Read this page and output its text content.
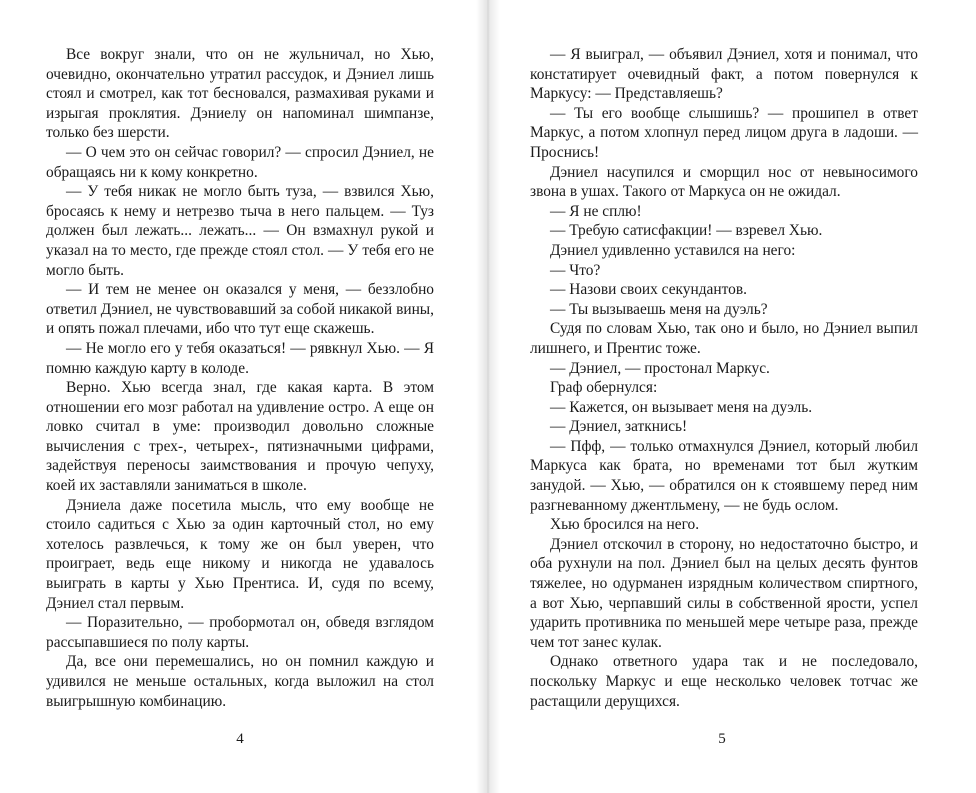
Все вокруг знали, что он не жульничал, но Хью, очевидно, окончательно утратил рассудок, и Дэниел лишь стоял и смотрел, как тот бесновался, размахивая руками и изрыгая проклятия. Дэниелу он напоминал шимпанзе, только без шерсти.

— О чем это он сейчас говорил? — спросил Дэниел, не обращаясь ни к кому конкретно.

— У тебя никак не могло быть туза, — взвился Хью, бросаясь к нему и нетрезво тыча в него пальцем. — Туз должен был лежать... лежать... — Он взмахнул рукой и указал на то место, где прежде стоял стол. — У тебя его не могло быть.

— И тем не менее он оказался у меня, — беззлобно ответил Дэниел, не чувствовавший за собой никакой вины, и опять пожал плечами, ибо что тут еще скажешь.

— Не могло его у тебя оказаться! — рявкнул Хью. — Я помню каждую карту в колоде.

Верно. Хью всегда знал, где какая карта. В этом отношении его мозг работал на удивление остро. А еще он ловко считал в уме: производил довольно сложные вычисления с трех-, четырех-, пятизначными цифрами, задействуя переносы заимствования и прочую чепуху, коей их заставляли заниматься в школе.

Дэниела даже посетила мысль, что ему вообще не стоило садиться с Хью за один карточный стол, но ему хотелось развлечься, к тому же он был уверен, что проиграет, ведь еще никому и никогда не удавалось выиграть в карты у Хью Прентиса. И, судя по всему, Дэниел стал первым.

— Поразительно, — пробормотал он, обведя взглядом рассыпавшиеся по полу карты.

Да, все они перемешались, но он помнил каждую и удивился не меньше остальных, когда выложил на стол выигрышную комбинацию.

4

— Я выиграл, — объявил Дэниел, хотя и понимал, что констатирует очевидный факт, а потом повернулся к Маркусу: — Представляешь?

— Ты его вообще слышишь? — прошипел в ответ Маркус, а потом хлопнул перед лицом друга в ладоши. — Проснись!

Дэниел насупился и сморщил нос от невыносимого звона в ушах. Такого от Маркуса он не ожидал.

— Я не сплю!

— Требую сатисфакции! — взревел Хью.

Дэниел удивленно уставился на него:

— Что?

— Назови своих секундантов.

— Ты вызываешь меня на дуэль?

Судя по словам Хью, так оно и было, но Дэниел выпил лишнего, и Прентис тоже.

— Дэниел, — простонал Маркус.

Граф обернулся:

— Кажется, он вызывает меня на дуэль.

— Дэниел, заткнись!

— Пфф, — только отмахнулся Дэниел, который любил Маркуса как брата, но временами тот был жутким занудой. — Хью, — обратился он к стоявшему перед ним разгневанному джентльмену, — не будь ослом.

Хью бросился на него.

Дэниел отскочил в сторону, но недостаточно быстро, и оба рухнули на пол. Дэниел был на целых десять фунтов тяжелее, но одурманен изрядным количеством спиртного, а вот Хью, черпавший силы в собственной ярости, успел ударить противника по меньшей мере четыре раза, прежде чем тот занес кулак.

Однако ответного удара так и не последовало, поскольку Маркус и еще несколько человек тотчас же растащили дерущихся.

5
